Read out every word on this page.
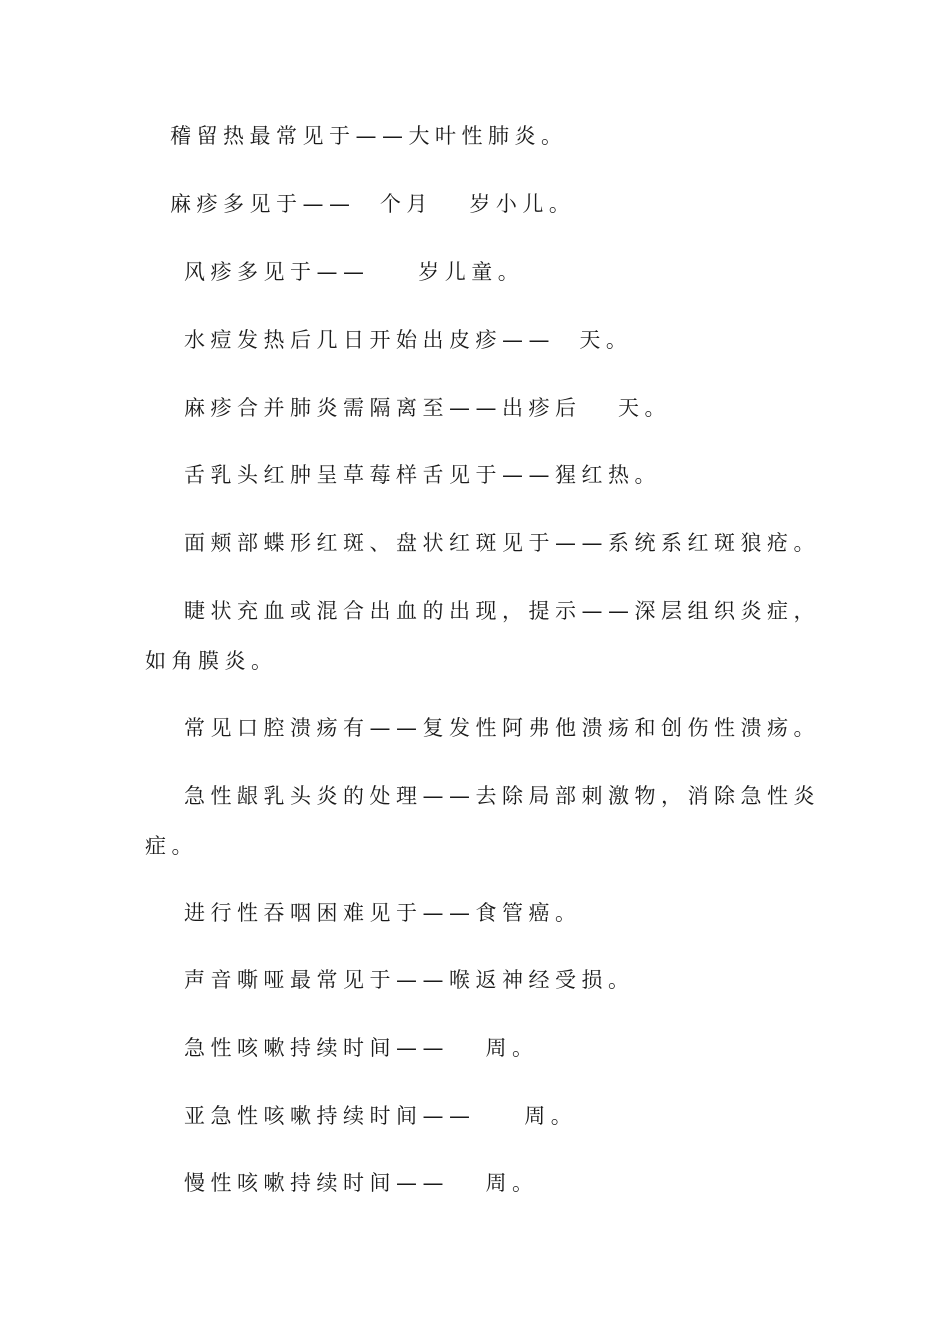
稽留热最常见于——大叶性肺炎。

麻疹多见于——  个月   岁小儿。

风疹多见于——    岁儿童。

水痘发热后几日开始出皮疹——  天。

麻疹合并肺炎需隔离至——出疹后   天。

舌乳头红肿呈草莓样舌见于——猩红热。

面颊部蝶形红斑、盘状红斑见于——系统系红斑狼疮。

睫状充血或混合出血的出现，提示——深层组织炎症，

如角膜炎。

常见口腔溃疡有——复发性阿弗他溃疡和创伤性溃疡。

急性龈乳头炎的处理——去除局部刺激物，消除急性炎

症。

进行性吞咽困难见于——食管癌。

声音嘶哑最常见于——喉返神经受损。

急性咳嗽持续时间——   周。

亚急性咳嗽持续时间——    周。

慢性咳嗽持续时间——   周。
